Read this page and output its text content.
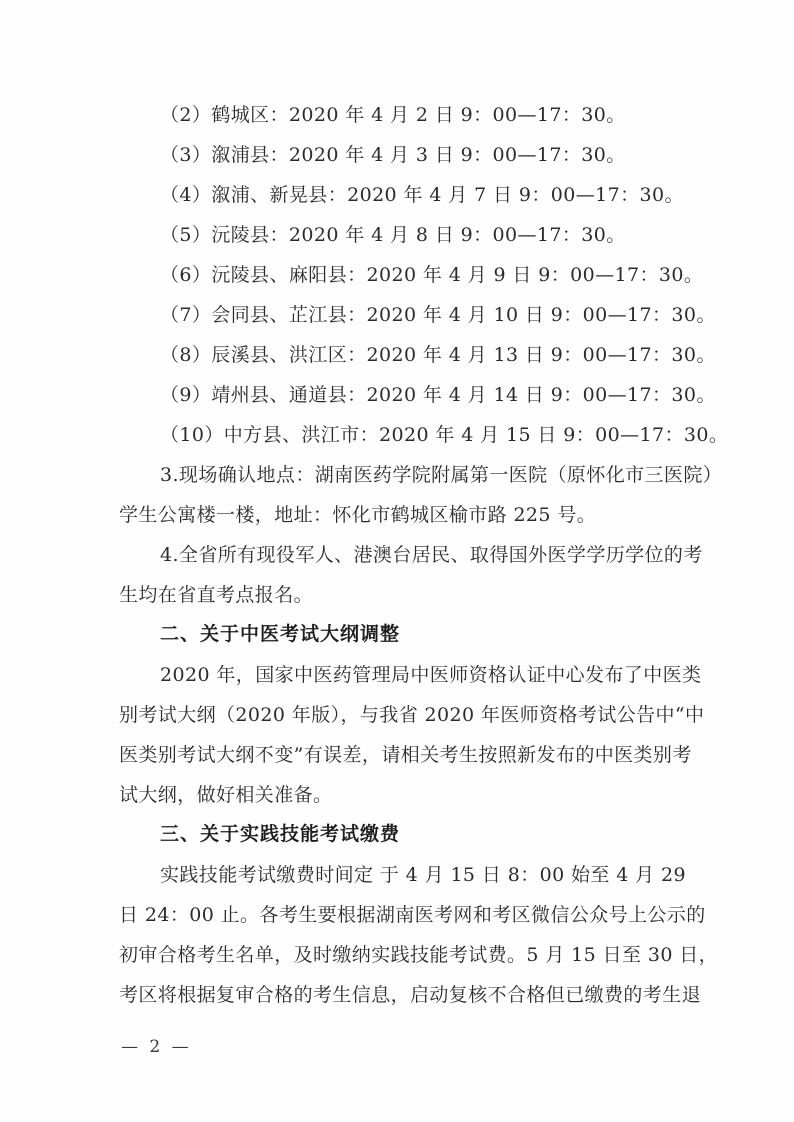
（2）鹤城区：2020 年 4 月 2 日 9：00—17：30。

（3）溆浦县：2020 年 4 月 3 日 9：00—17：30。

（4）溆浦、新晃县：2020 年 4 月 7 日 9：00—17：30。

（5）沅陵县：2020 年 4 月 8 日 9：00—17：30。

（6）沅陵县、麻阳县：2020 年 4 月 9 日 9：00—17：30。

（7）会同县、芷江县：2020 年 4 月 10 日 9：00—17：30。

（8）辰溪县、洪江区：2020 年 4 月 13 日 9：00—17：30。

（9）靖州县、通道县：2020 年 4 月 14 日 9：00—17：30。

（10）中方县、洪江市：2020 年 4 月 15 日 9：00—17：30。

3.现场确认地点：湖南医药学院附属第一医院（原怀化市三医院）

学生公寓楼一楼，地址：怀化市鹤城区榆市路 225 号。

4.全省所有现役军人、港澳台居民、取得国外医学学历学位的考

生均在省直考点报名。

二、关于中医考试大纲调整

2020 年，国家中医药管理局中医师资格认证中心发布了中医类

别考试大纲（2020 年版），与我省 2020 年医师资格考试公告中“中

医类别考试大纲不变”有误差，请相关考生按照新发布的中医类别考

试大纲，做好相关准备。

三、关于实践技能考试缴费

实践技能考试缴费时间定 于 4 月 15 日 8：00 始至 4 月 29

日 24：00 止。各考生要根据湖南医考网和考区微信公众号上公示的

初审合格考生名单，及时缴纳实践技能考试费。5 月 15 日至 30 日，

考区将根据复审合格的考生信息，启动复核不合格但已缴费的考生退

— 2 —
